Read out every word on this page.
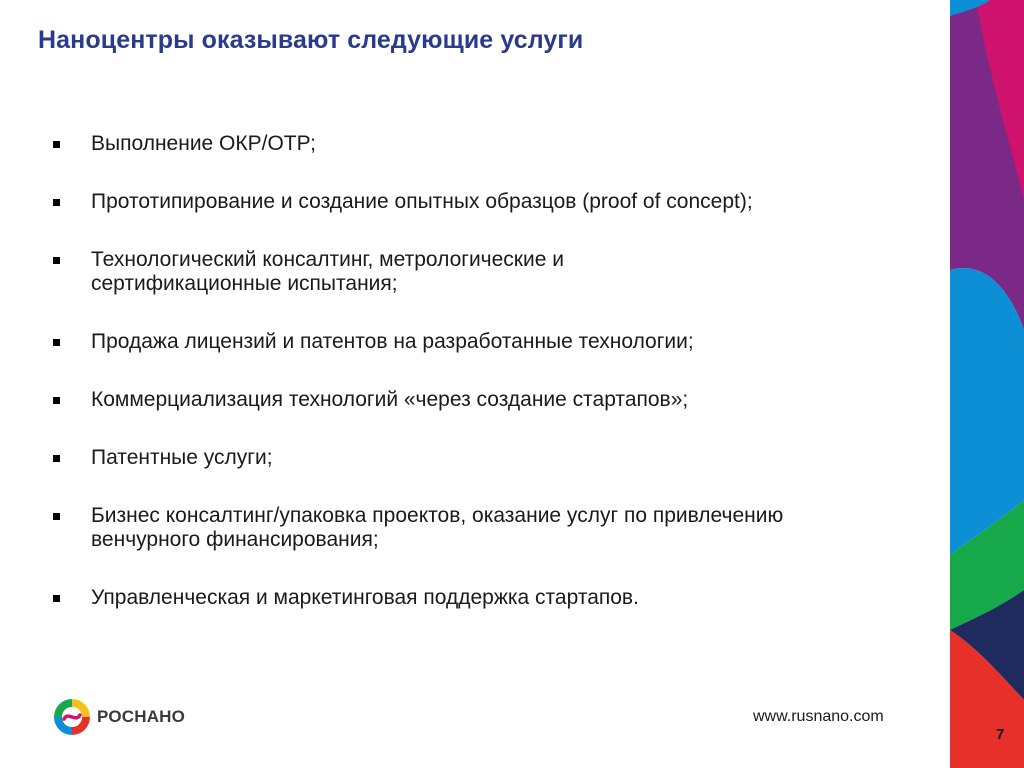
Наноцентры оказывают следующие услуги
Выполнение ОКР/ОТР;
Прототипирование и создание опытных образцов (proof of concept);
Технологический консалтинг, метрологические и сертификационные испытания;
Продажа лицензий и патентов на разработанные технологии;
Коммерциализация технологий «через создание стартапов»;
Патентные услуги;
Бизнес консалтинг/упаковка проектов, оказание услуг по привлечению венчурного финансирования;
Управленческая и маркетинговая поддержка стартапов.
РОСНАНО	www.rusnano.com
7
